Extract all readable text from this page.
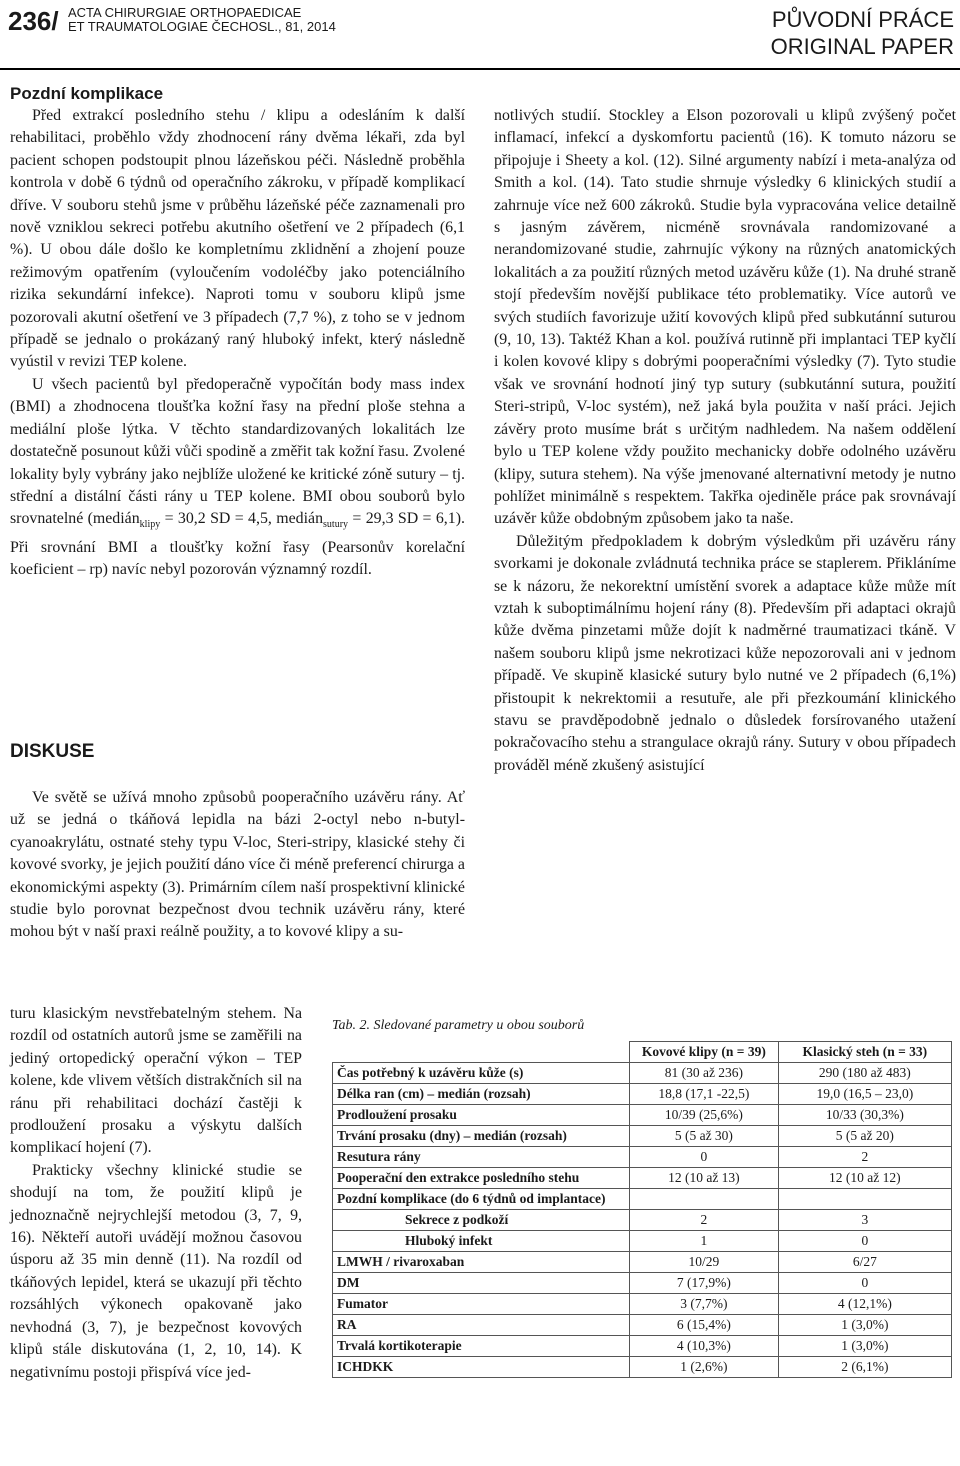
236/ ACTA CHIRURGIAE ORTHOPAEDICAE
ET TRAUMATOLOGIAE ČECHOSL., 81, 2014	PŮVODNÍ PRÁCE
ORIGINAL PAPER
Pozdní komplikace

Před extrakcí posledního stehu / klipu a odesláním k další rehabilitaci, proběhlo vždy zhodnocení rány dvěma lékaři, zda byl pacient schopen podstoupit plnou lázeňskou péči. Následně proběhla kontrola v době 6 týdnů od operačního zákroku, v případě komplikací dříve. V souboru stehů jsme v průběhu lázeňské péče zaznamenali pro nově vzniklou sekreci potřebu akutního ošetření ve 2 případech (6,1 %). U obou dále došlo ke kompletnímu zklidnění a zhojení pouze režimovým opatřením (vyloučením vodoléčby jako potenciálního rizika sekundární infekce). Naproti tomu v souboru klipů jsme pozorovali akutní ošetření ve 3 případech (7,7 %), z toho se v jednom případě se jednalo o prokázaný raný hluboký infekt, který následně vyústil v revizi TEP kolene.

U všech pacientů byl předoperačně vypočítán body mass index (BMI) a zhodnocena tloušťka kožní řasy na přední ploše stehna a mediální ploše lýtka. V těchto standardizovaných lokalitách lze dostatečně posunout kůži vůči spodině a změřit tak kožní řasu. Zvolené lokality byly vybrány jako nejblíže uložené ke kritické zóně sutury – tj. střední a distální části rány u TEP kolene. BMI obou souborů bylo srovnatelné (medián$_{klipy}$ = 30,2 SD = 4,5, medián$_{sutury}$ = 29,3 SD = 6,1). Při srovnání BMI a tloušťky kožní řasy (Pearsonův korelační koeficient – rp) navíc nebyl pozorován významný rozdíl.

DISKUSE

Ve světě se užívá mnoho způsobů pooperačního uzávěru rány. Ať už se jedná o tkáňová lepidla na bázi 2-octyl nebo n-butyl-cyanoakrylátu, ostnaté stehy typu V-loc, Steri-stripy, klasické stehy či kovové svorky, je jejich použití dáno více či méně preferencí chirurga a ekonomickými aspekty (3). Primárním cílem naší prospektivní klinické studie bylo porovnat bezpečnost dvou technik uzávěru rány, které mohou být v naší praxi reálně použity, a to kovové klipy a su-

turu klasickým nevstřebatelným stehem. Na rozdíl od ostatních autorů jsme se zaměřili na jediný ortopedický operační výkon – TEP kolene, kde vlivem větších distrakčních sil na ránu při rehabilitaci dochází častěji k prodloužení prosaku a výskytu dalších komplikací hojení (7).

Prakticky všechny klinické studie se shodují na tom, že použití klipů je jednoznačně nejrychlejší metodou (3, 7, 9, 16). Někteří autoři uvádějí možnou časovou úsporu až 35 min denně (11). Na rozdíl od tkáňových lepidel, která se ukazují při těchto rozsáhlých výkonech opakovaně jako nevhodná (3, 7), je bezpečnost kovových klipů stále diskutována (1, 2, 10, 14). K negativnímu postoji přispívá více jed-

notlivých studií. Stockley a Elson pozorovali u klipů zvýšený počet inflamací, infekcí a dyskomfortu pacientů (16). K tomuto názoru se připojuje i Sheety a kol. (12). Silné argumenty nabízí i meta-analýza od Smith a kol. (14). Tato studie shrnuje výsledky 6 klinických studií a zahrnuje více než 600 zákroků. Studie byla vypracována velice detailně s jasným závěrem, nicméně srovnávala randomizované a nerandomizované studie, zahrnujíc výkony na různých anatomických lokalitách a za použití různých metod uzávěru kůže (1). Na druhé straně stojí především novější publikace této problematiky. Více autorů ve svých studiích favorizuje užití kovových klipů před subkutánní suturou (9, 10, 13). Taktéž Khan a kol. používá rutinně při implantaci TEP kyčlí i kolen kovové klipy s dobrými pooperačními výsledky (7). Tyto studie však ve srovnání hodnotí jiný typ sutury (subkutánní sutura, použití Steri-stripů, V-loc systém), než jaká byla použita v naší práci. Jejich závěry proto musíme brát s určitým nadhledem. Na našem oddělení bylo u TEP kolene vždy použito mechanicky dobře odolného uzávěru (klipy, sutura stehem). Na výše jmenované alternativní metody je nutno pohlížet minimálně s respektem. Takřka ojediněle práce pak srovnávají uzávěr kůže obdobným způsobem jako ta naše.

Důležitým předpokladem k dobrým výsledkům při uzávěru rány svorkami je dokonale zvládnutá technika práce se staplerem. Přikláníme se k názoru, že nekorektní umístění svorek a adaptace kůže může mít vztah k suboptimálnímu hojení rány (8). Především při adaptaci okrajů kůže dvěma pinzetami může dojít k nadměrné traumatizaci tkáně. V našem souboru klipů jsme nekrotizaci kůže nepozorovali ani v jednom případě. Ve skupině klasické sutury bylo nutné ve 2 případech (6,1%) přistoupit k nekrektomii a resutuře, ale při přezkoumání klinického stavu se pravděpodobně jednalo o důsledek forsírovaného utažení pokračovacího stehu a strangulace okrajů rány. Sutury v obou případech prováděl méně zkušený asistující

Tab. 2. Sledované parametry u obou souborů
	Kovové klipy (n = 39)	Klasický steh (n = 33)
Čas potřebný k uzávěru kůže (s)	81 (30 až 236)	290 (180 až 483)
Délka ran (cm) – medián (rozsah)	18,8 (17,1 -22,5)	19,0 (16,5 – 23,0)
Prodloužení prosaku	10/39 (25,6%)	10/33 (30,3%)
Trvání prosaku (dny) – medián (rozsah)	5 (5 až 30)	5 (5 až 20)
Resutura rány	0	2
Pooperační den extrakce posledního stehu	12 (10 až 13)	12 (10 až 12)
Pozdní komplikace (do 6 týdnů od implantace)		
Sekrece z podkoží	2	3
Hluboký infekt	1	0
LMWH / rivaroxaban	10/29	6/27
DM	7 (17,9%)	0
Fumator	3 (7,7%)	4 (12,1%)
RA	6 (15,4%)	1 (3,0%)
Trvalá kortikoterapie	4 (10,3%)	1 (3,0%)
ICHDKK	1 (2,6%)	2 (6,1%)
